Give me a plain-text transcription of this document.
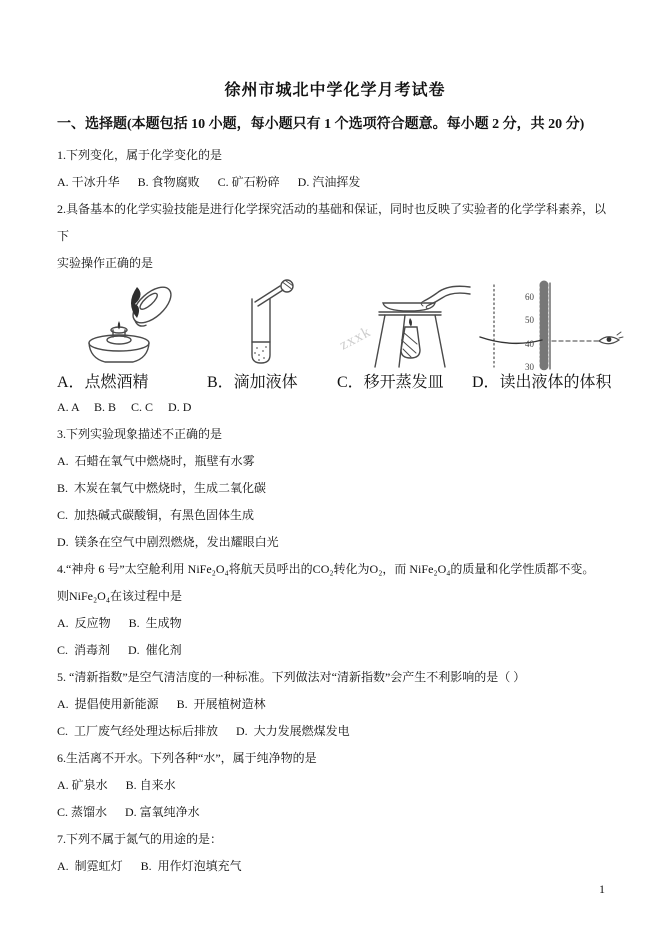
徐州市城北中学化学月考试卷
一、选择题(本题包括 10 小题，每小题只有 1 个选项符合题意。每小题 2 分，共 20 分)
1.下列变化，属于化学变化的是
A. 干冰升华      B. 食物腐败      C. 矿石粉碎      D. 汽油挥发
2.具备基本的化学实验技能是进行化学探究活动的基础和保证，同时也反映了实验者的化学学科素养，以下
实验操作正确的是
A．点燃酒精	B．滴加液体
zxxk
C．移开蒸发皿
60
50
40
30
D．读出液体的体积
A. A     B. B     C. C     D. D
3.下列实验现象描述不正确的是
A.  石蜡在氧气中燃烧时，瓶壁有水雾
B.  木炭在氧气中燃烧时，生成二氧化碳
C.  加热碱式碳酸铜，有黑色固体生成
D.  镁条在空气中剧烈燃烧，发出耀眼白光
4.“神舟 6 号”太空舱利用 NiFe₂O₄将航天员呼出的CO₂转化为O₂，而 NiFe₂O₄的质量和化学性质都不变。
则NiFe₂O₄在该过程中是
A.  反应物      B.  生成物
C.  消毒剂      D.  催化剂
5. “清新指数”是空气清洁度的一种标准。下列做法对“清新指数”会产生不利影响的是（ ）
A.  提倡使用新能源      B.  开展植树造林
C.  工厂废气经处理达标后排放      D.  大力发展燃煤发电
6.生活离不开水。下列各种“水”，属于纯净物的是
A. 矿泉水      B. 自来水
C. 蒸馏水      D. 富氧纯净水
7.下列不属于氮气的用途的是：
A.  制霓虹灯      B.  用作灯泡填充气
1
